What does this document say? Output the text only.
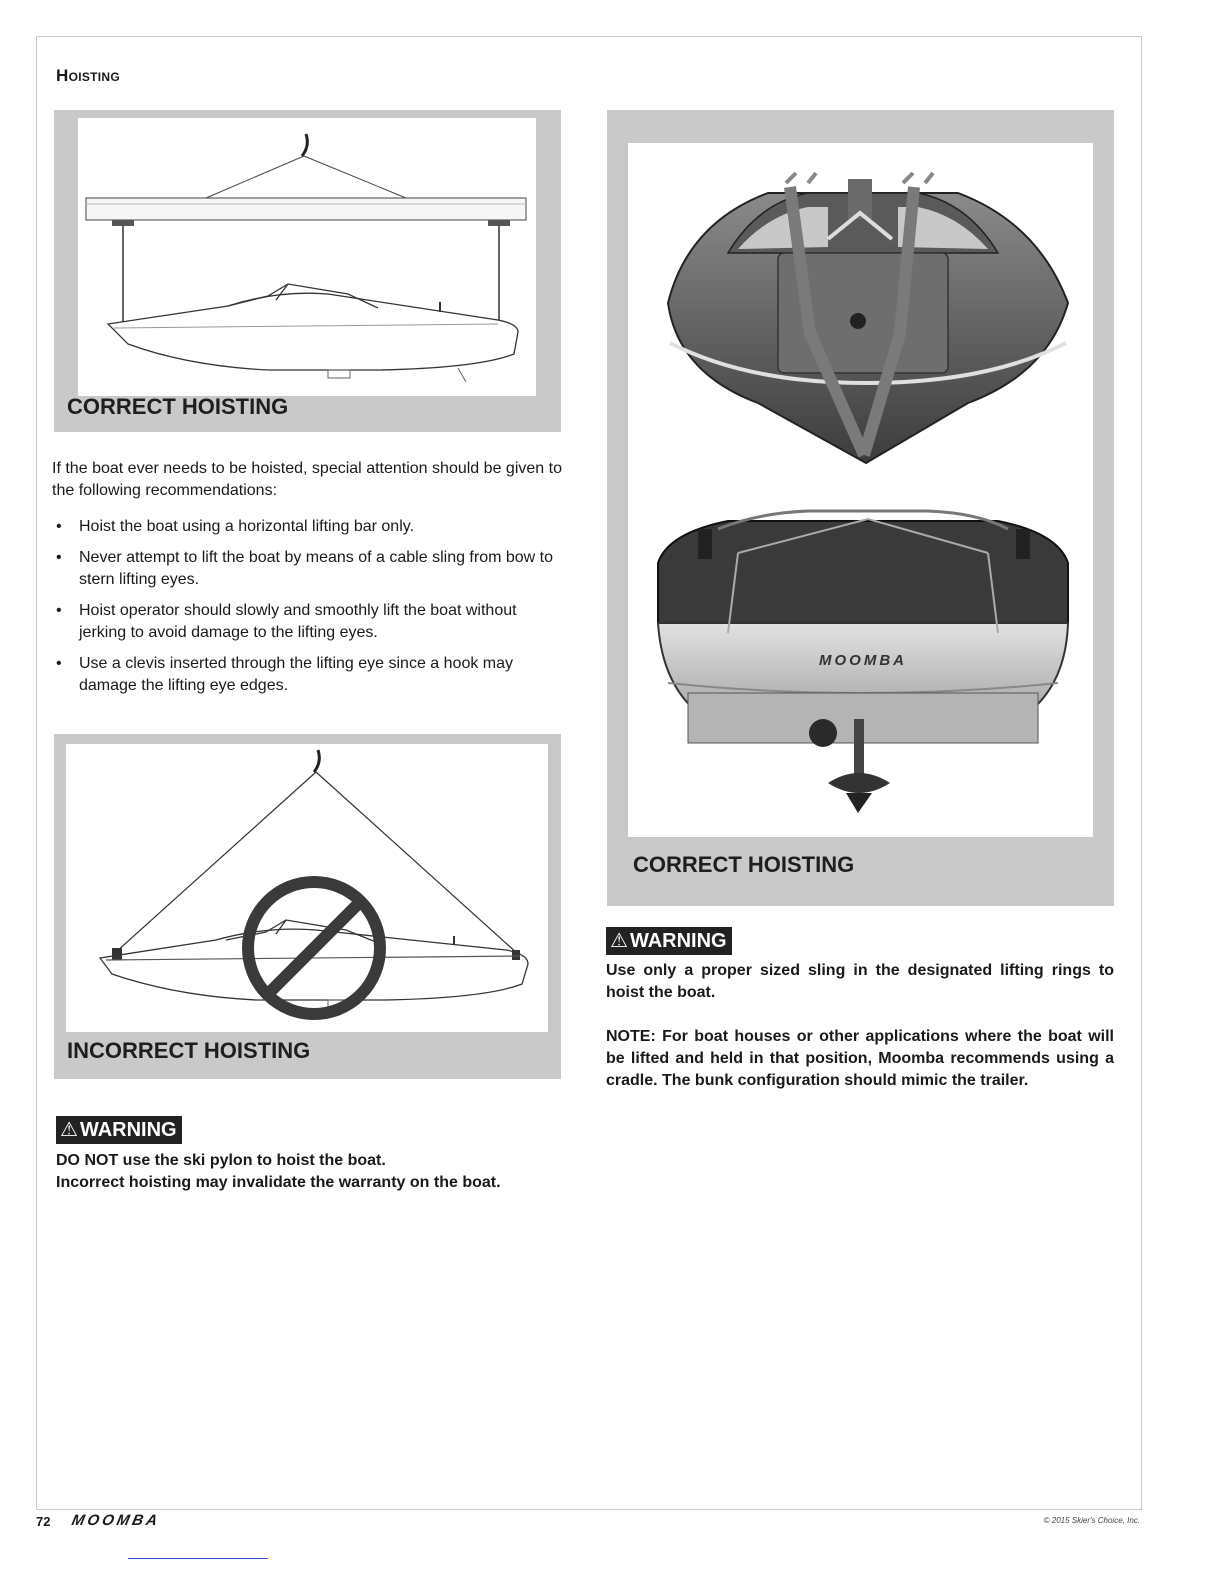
Hoisting
CORRECT HOISTING
If the boat ever needs to be hoisted, special attention should be given to the following recommendations:
• Hoist the boat using a horizontal lifting bar only.
• Never attempt to lift the boat by means of a cable sling from bow to stern lifting eyes.
• Hoist operator should slowly and smoothly lift the boat without jerking to avoid damage to the lifting eyes.
• Use a clevis inserted through the lifting eye since a hook may damage the lifting eye edges.
INCORRECT HOISTING
⚠ WARNING
DO NOT use the ski pylon to hoist the boat.
Incorrect hoisting may invalidate the warranty on the boat.
MOOMBA
CORRECT HOISTING
⚠ WARNING
Use only a proper sized sling in the designated lifting rings to hoist the boat.
NOTE: For boat houses or other applications where the boat will be lifted and held in that position, Moomba recommends using a cradle. The bunk configuration should mimic the trailer.
72 MOOMBA	© 2015 Skier's Choice, Inc.
